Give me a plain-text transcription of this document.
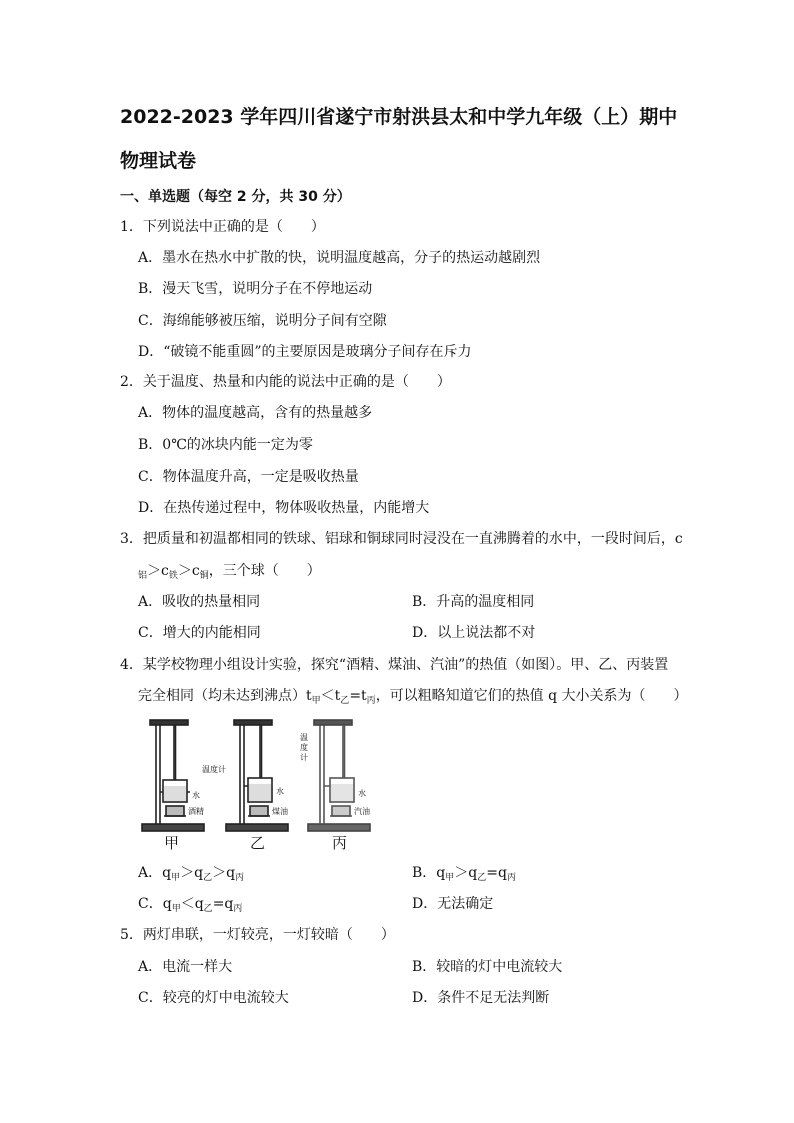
2022-2023 学年四川省遂宁市射洪县太和中学九年级（上）期中
物理试卷
一、单选题（每空 2 分，共 30 分）
1．下列说法中正确的是（　　）
A．墨水在热水中扩散的快，说明温度越高，分子的热运动越剧烈
B．漫天飞雪，说明分子在不停地运动
C．海绵能够被压缩，说明分子间有空隙
D．“破镜不能重圆”的主要原因是玻璃分子间存在斥力
2．关于温度、热量和内能的说法中正确的是（　　）
A．物体的温度越高，含有的热量越多
B．0℃的冰块内能一定为零
C．物体温度升高，一定是吸收热量
D．在热传递过程中，物体吸收热量，内能增大
3．把质量和初温都相同的铁球、铝球和铜球同时浸没在一直沸腾着的水中，一段时间后，c
$_铝>c_铁>c_铜$，三个球（　　）
A．吸收的热量相同	B．升高的温度相同
C．增大的内能相同	D．以上说法都不对
4．某学校物理小组设计实验，探究“酒精、煤油、汽油”的热值（如图）。甲、乙、丙装置
完全相同（均未达到沸点）$t_甲<t_乙=t_丙$，可以粗略知道它们的热值 q 大小关系为（　　）
温度计
水
酒精
水
煤油
温
度
计
水
汽油
甲	乙	丙
A．$q_甲>q_乙>q_丙$	B．$q_甲>q_乙=q_丙$
C．$q_甲<q_乙=q_丙$	D．无法确定
5．两灯串联，一灯较亮，一灯较暗（　　）
A．电流一样大	B．较暗的灯中电流较大
C．较亮的灯中电流较大	D．条件不足无法判断
